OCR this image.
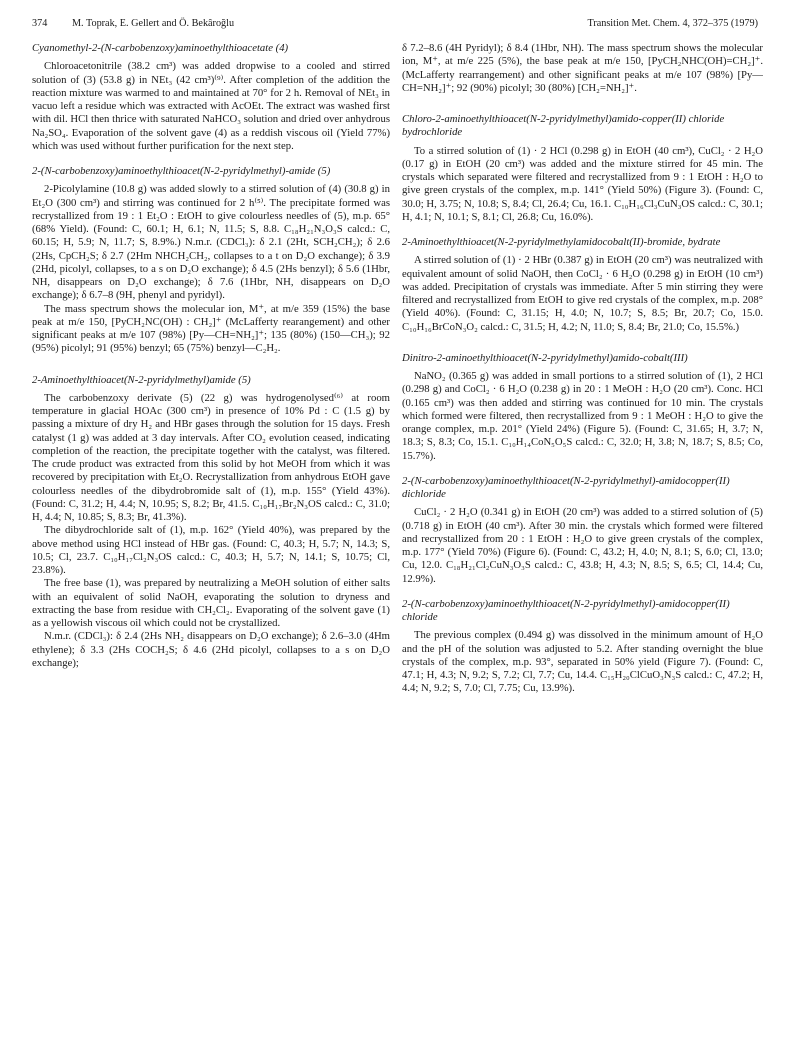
374 M. Toprak, E. Gellert and Ö. Bekâroğlu	Transition Met. Chem. 4, 372–375 (1979)

Cyanomethyl-2-(N-carbobenzoxy)aminoethylthioacetate (4)

Chloroacetonitrile (38.2 cm³) was added dropwise to a cooled and stirred solution of (3) (53.8 g) in NEt₃ (42 cm³)⁽⁹⁾. After completion of the addition the reaction mixture was warmed to and maintained at 70° for 2 h. Removal of NEt₃ in vacuo left a residue which was extracted with AcOEt. The extract was washed first with dil. HCl then thrice with saturated NaHCO₃ solution and dried over anhydrous Na₂SO₄. Evaporation of the solvent gave (4) as a reddish viscous oil (Yield 77%) which was used without further purification for the next step.

2-(N-carbobenzoxy)aminoethylthioacet(N-2-pyridylmethyl)-amide (5)

2-Picolylamine (10.8 g) was added slowly to a stirred solution of (4) (30.8 g) in Et₂O (300 cm³) and stirring was continued for 2 h⁽⁵⁾. The precipitate formed was recrystallized from 19 : 1 Et₂O : EtOH to give colourless needles of (5), m.p. 65° (68% Yield). (Found: C, 60.1; H, 6.1; N, 11.5; S, 8.8. C₁₈H₂₁N₃O₃S calcd.: C, 60.15; H, 5.9; N, 11.7; S, 8.9%.) N.m.r. (CDCl₃): δ 2.1 (2Ht, SCH₂CH₂); δ 2.6 (2Hs, CpCH₂S; δ 2.7 (2Hm NHCH₂CH₂, collapses to a t on D₂O exchange); δ 3.9 (2Hd, picolyl, collapses, to a s on D₂O exchange); δ 4.5 (2Hs benzyl); δ 5.6 (1Hbr, NH, disappears on D₂O exchange); δ 7.6 (1Hbr, NH, disappears on D₂O exchange); δ 6.7–8 (9H, phenyl and pyridyl).

The mass spectrum shows the molecular ion, M⁺, at m/e 359 (15%) the base peak at m/e 150, [PyCH₂NC(OH) : CH₂]⁺ (McLafferty rearangement) and other significant peaks at m/e 107 (98%) [Py—CH=NH₂]⁺; 135 (80%) (150—CH₃); 92 (95%) picolyl; 91 (95%) benzyl; 65 (75%) benzyl—C₂H₂.

2-Aminoethylthioacet(N-2-pyridylmethyl)amide (5)

The carbobenzoxy derivate (5) (22 g) was hydrogenolysed⁽⁶⁾ at room temperature in glacial HOAc (300 cm³) in presence of 10% Pd : C (1.5 g) by passing a mixture of dry H₂ and HBr gases through the solution for 15 days. Fresh catalyst (1 g) was added at 3 day intervals. After CO₂ evolution ceased, indicating completion of the reaction, the precipitate together with the catalyst, was filtered. The crude product was extracted from this solid by hot MeOH from which it was recovered by precipitation with Et₂O. Recrystallization from anhydrous EtOH gave colourless needles of the dibydrobromide salt of (1), m.p. 155° (Yield 43%). (Found: C, 31.2; H, 4.4; N, 10.95; S, 8.2; Br, 41.5. C₁₀H₁₇Br₂N₃OS calcd.: C, 31.0; H, 4.4; N, 10.85; S, 8.3; Br, 41.3%).

The dibydrochloride salt of (1), m.p. 162° (Yield 40%), was prepared by the above method using HCl instead of HBr gas. (Found: C, 40.3; H, 5.7; N, 14.3; S, 10.5; Cl, 23.7. C₁₀H₁₇Cl₂N₃OS calcd.: C, 40.3; H, 5.7; N, 14.1; S, 10.75; Cl, 23.8%).

The free base (1), was prepared by neutralizing a MeOH solution of either salts with an equivalent of solid NaOH, evaporating the solution to dryness and extracting the base from residue with CH₂Cl₂. Evaporating of the solvent gave (1) as a yellowish viscous oil which could not be crystallized.

N.m.r. (CDCl₃): δ 2.4 (2Hs NH₂ disappears on D₂O exchange); δ 2.6–3.0 (4Hm ethylene); δ 3.3 (2Hs COCH₂S; δ 4.6 (2Hd picolyl, collapses to a s on D₂O exchange);

δ 7.2–8.6 (4H Pyridyl); δ 8.4 (1Hbr, NH). The mass spectrum shows the molecular ion, M⁺, at m/e 225 (5%), the base peak at m/e 150, [PyCH₂NHC(OH)=CH₂]⁺. (McLafferty rearrangement) and other significant peaks at m/e 107 (98%) [Py—CH=NH₂]⁺; 92 (90%) picolyl; 30 (80%) [CH₂=NH₂]⁺.

Chloro-2-aminoethylthioacet(N-2-pyridylmethyl)amido-copper(II) chloride bydrochloride

To a stirred solution of (1) · 2 HCl (0.298 g) in EtOH (40 cm³), CuCl₂ · 2 H₂O (0.17 g) in EtOH (20 cm³) was added and the mixture stirred for 45 min. The crystals which separated were filtered and recrystallized from 9 : 1 EtOH : H₂O to give green crystals of the complex, m.p. 141° (Yield 50%) (Figure 3). (Found: C, 30.0; H, 3.75; N, 10.8; S, 8.4; Cl, 26.4; Cu, 16.1. C₁₀H₁₆Cl₃CuN₃OS calcd.: C, 30.1; H, 4.1; N, 10.1; S, 8.1; Cl, 26.8; Cu, 16.0%).

2-Aminoethylthioacet(N-2-pyridylmethylamidocobalt(II)-bromide, bydrate

A stirred solution of (1) · 2 HBr (0.387 g) in EtOH (20 cm³) was neutralized with equivalent amount of solid NaOH, then CoCl₂ · 6 H₂O (0.298 g) in EtOH (10 cm³) was added. Precipitation of crystals was immediate. After 5 min stirring they were filtered and recrystallized from EtOH to give red crystals of the complex, m.p. 208° (Yield 40%). (Found: C, 31.15; H, 4.0; N, 10.7; S, 8.5; Br, 20.7; Co, 15.0. C₁₀H₁₆BrCoN₃O₂ calcd.: C, 31.5; H, 4.2; N, 11.0; S, 8.4; Br, 21.0; Co, 15.5%.)

Dinitro-2-aminoethylthioacet(N-2-pyridylmethyl)amido-cobalt(III)

NaNO₂ (0.365 g) was added in small portions to a stirred solution of (1), 2 HCl (0.298 g) and CoCl₂ · 6 H₂O (0.238 g) in 20 : 1 MeOH : H₂O (20 cm³). Conc. HCl (0.165 cm³) was then added and stirring was continued for 10 min. The crystals which formed were filtered, then recrystallized from 9 : 1 MeOH : H₂O to give the orange complex, m.p. 201° (Yield 24%) (Figure 5). (Found: C, 31.65; H, 3.7; N, 18.3; S, 8.3; Co, 15.1. C₁₀H₁₄CoN₅O₅S calcd.: C, 32.0; H, 3.8; N, 18.7; S, 8.5; Co, 15.7%).

2-(N-carbobenzoxy)aminoethylthioacet(N-2-pyridylmethyl)-amidocopper(II) dichloride

CuCl₂ · 2 H₂O (0.341 g) in EtOH (20 cm³) was added to a stirred solution of (5) (0.718 g) in EtOH (40 cm³). After 30 min. the crystals which formed were filtered and recrystallized from 20 : 1 EtOH : H₂O to give green crystals of the complex, m.p. 177° (Yield 70%) (Figure 6). (Found: C, 43.2; H, 4.0; N, 8.1; S, 6.0; Cl, 13.0; Cu, 12.0. C₁₈H₂₁Cl₂CuN₃O₃S calcd.: C, 43.8; H, 4.3; N, 8.5; S, 6.5; Cl, 14.4; Cu, 12.9%).

2-(N-carbobenzoxy)aminoethylthioacet(N-2-pyridylmethyl)-amidocopper(II) chloride

The previous complex (0.494 g) was dissolved in the minimum amount of H₂O and the pH of the solution was adjusted to 5.2. After standing overnight the blue crystals of the complex, m.p. 93°, separated in 50% yield (Figure 7). (Found: C, 47.1; H, 4.3; N, 9.2; S, 7.2; Cl, 7.7; Cu, 14.4. C₁₅H₂₀ClCuO₃N₃S calcd.: C, 47.2; H, 4.4; N, 9.2; S, 7.0; Cl, 7.75; Cu, 13.9%).
